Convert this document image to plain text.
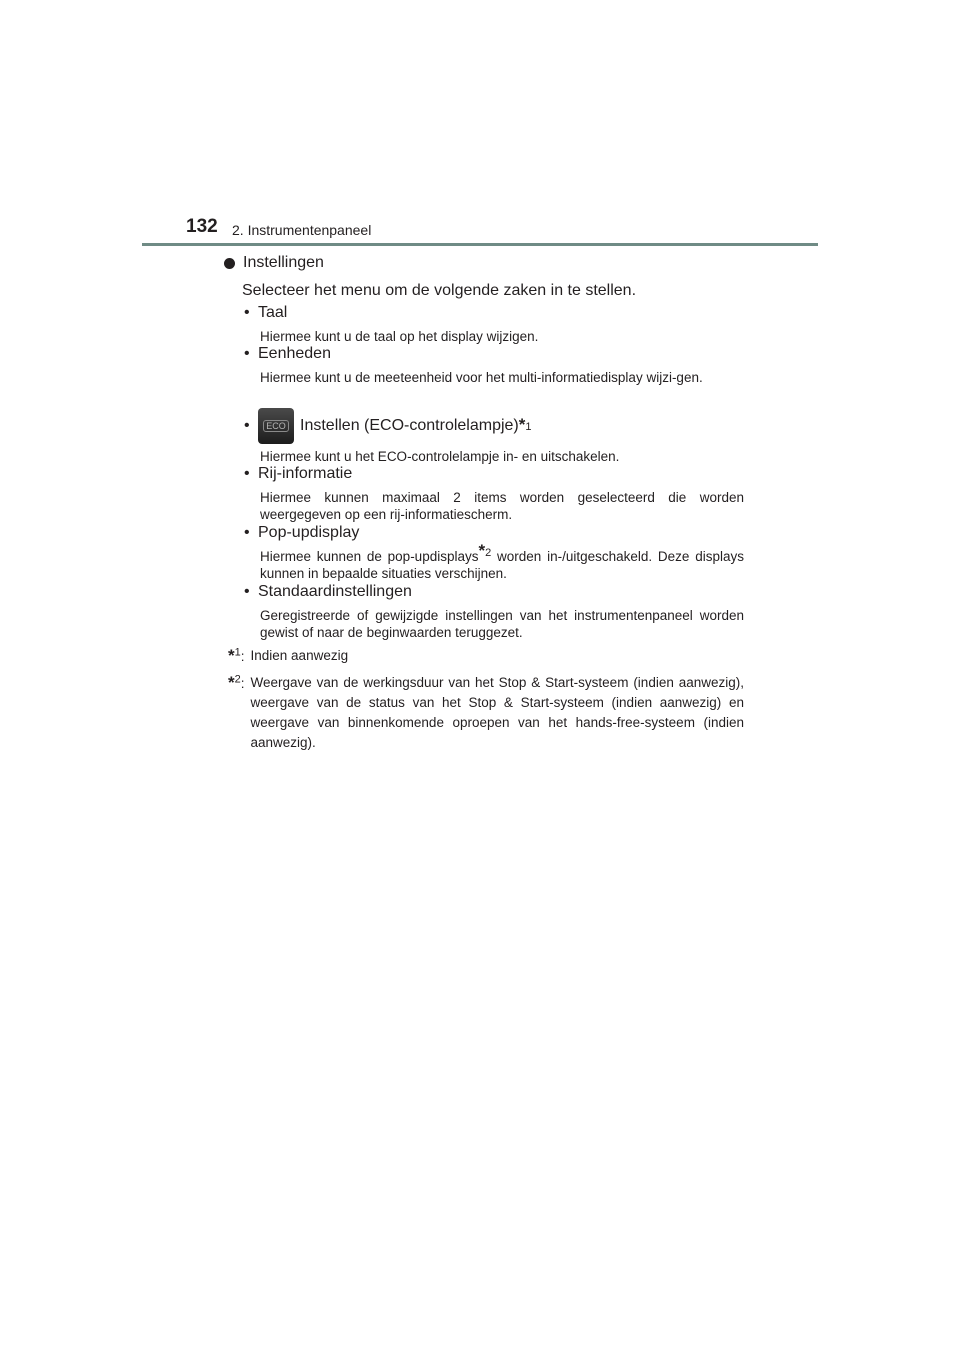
132 2. Instrumentenpaneel
Instellingen
Selecteer het menu om de volgende zaken in te stellen.
• Taal
Hiermee kunt u de taal op het display wijzigen.
• Eenheden
Hiermee kunt u de meeteenheid voor het multi-informatiedisplay wijzi-gen.
•	ECO Instellen (ECO-controlelampje) *1
Hiermee kunt u het ECO-controlelampje in- en uitschakelen.
• Rij-informatie
Hiermee kunnen maximaal 2 items worden geselecteerd die worden weergegeven op een rij-informatiescherm.
• Pop-updisplay
Hiermee kunnen de pop-updisplays$^{*2}$ worden in-/uitgeschakeld. Deze displays kunnen in bepaalde situaties verschijnen.
• Standaardinstellingen
Geregistreerde of gewijzigde instellingen van het instrumentenpaneel worden gewist of naar de beginwaarden teruggezet.
*$^1$: Indien aanwezig
*$^2$: Weergave van de werkingsduur van het Stop & Start-systeem (indien aanwezig), weergave van de status van het Stop & Start-systeem (indien aanwezig) en weergave van binnenkomende oproepen van het hands-free-systeem (indien aanwezig).
